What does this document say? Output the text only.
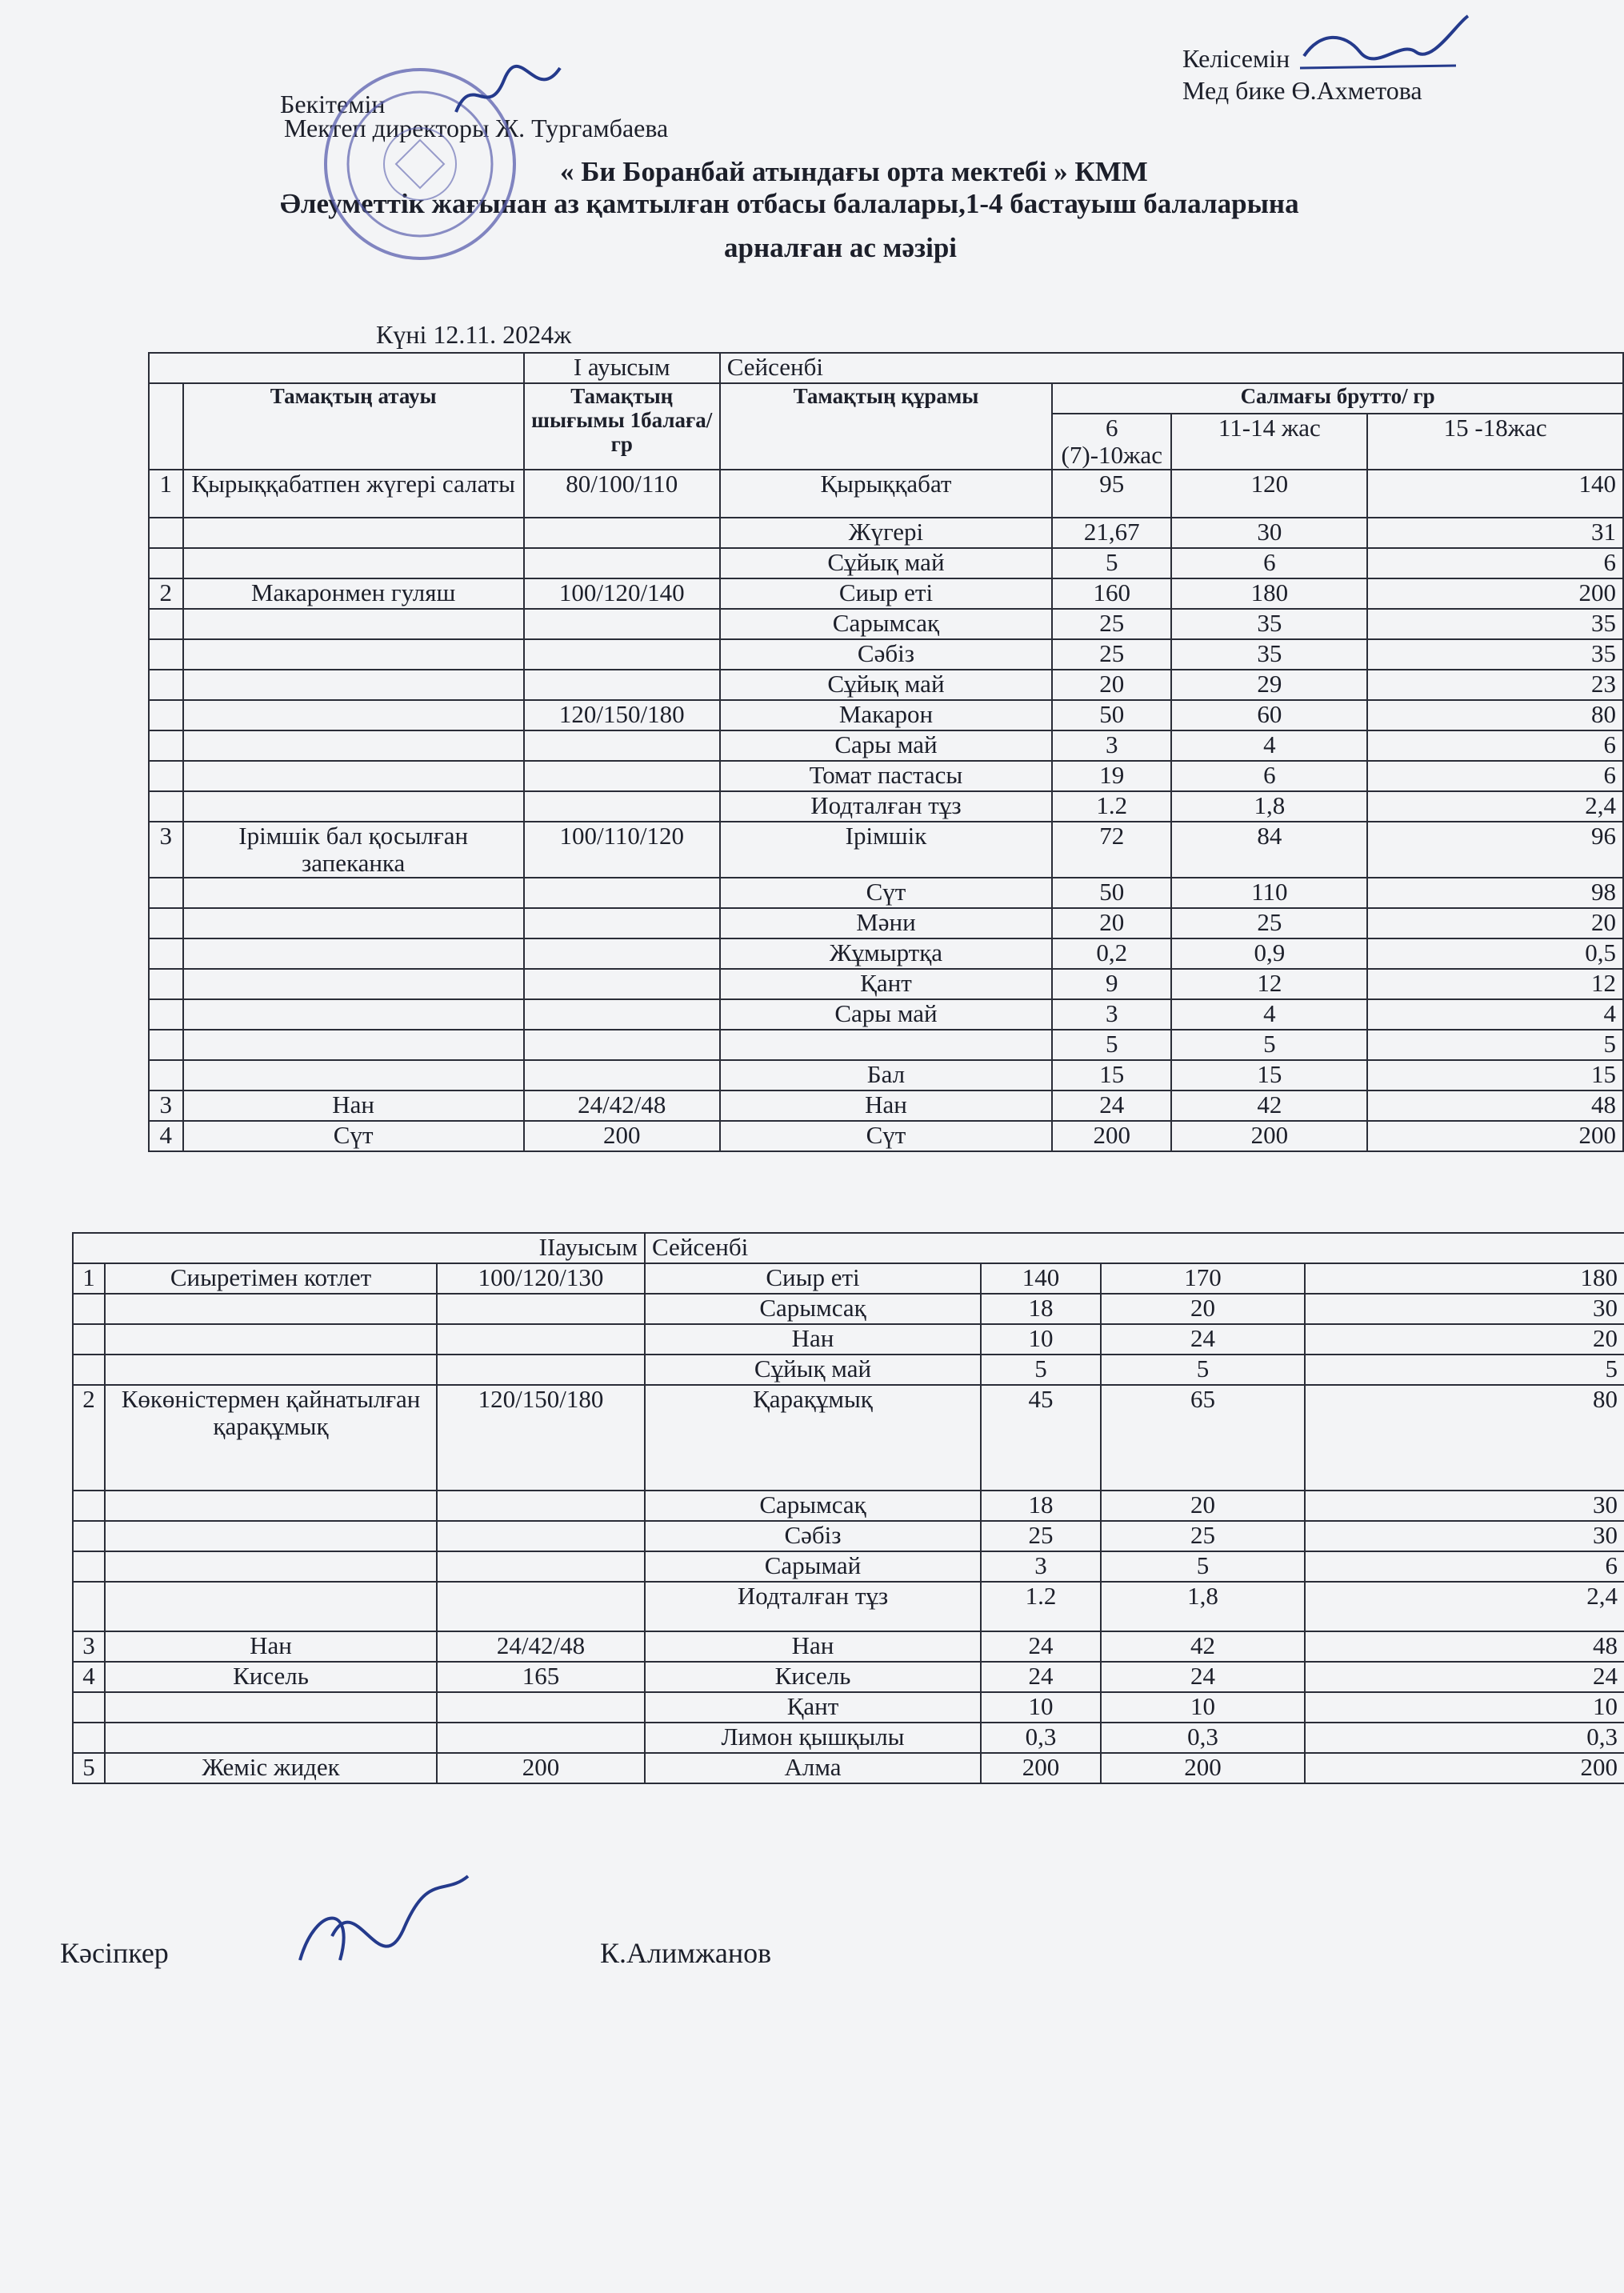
Бекітемін
Мектеп директоры Ж. Тургамбаева
Келісемін
Мед бике Ө.Ахметова
« Би Боранбай атындағы орта мектебі » КММ
Әлеуметтік жағынан аз қамтылған отбасы балалары,1-4 бастауыш балаларына
арналған ас мәзірі
Күні 12.11. 2024ж
		I ауысым	Сейсенбі			
	Тамақтың атауы	Тамақтың шығымы 1балаға/гр	Тамақтың құрамы	Салмағы брутто/ гр		
				6 (7)-10жас	11-14 жас	15 -18жас
1	Қырыққабатпен жүгері салаты	80/100/110	Қырыққабат	95	120	140
			Жүгері	21,67	30	31
			Сұйық май	5	6	6
2	Макаронмен гуляш	100/120/140	Сиыр еті	160	180	200
			Сарымсақ	25	35	35
			Сәбіз	25	35	35
			Сұйық май	20	29	23
		120/150/180	Макарон	50	60	80
			Сары май	3	4	6
			Томат пастасы	19	6	6
			Иодталған тұз	1.2	1,8	2,4
3	Ірімшік бал қосылған запеканка	100/110/120	Ірімшік	72	84	96
			Сүт	50	110	98
			Мәни	20	25	20
			Жұмыртқа	0,2	0,9	0,5
			Қант	9	12	12
			Сары май	3	4	4
				5	5	5
			Бал	15	15	15
3	Нан	24/42/48	Нан	24	42	48
4	Сүт	200	Сүт	200	200	200
IIауысым			Сейсенбі			
1	Сиыретімен котлет	100/120/130	Сиыр еті	140	170	180
			Сарымсақ	18	20	30
			Нан	10	24	20
			Сұйық май	5	5	5
2	Көкөністермен қайнатылған қарақұмық	120/150/180	Қарақұмық	45	65	80
			Сарымсақ	18	20	30
			Сәбіз	25	25	30
			Сарымай	3	5	6
			Иодталған тұз	1.2	1,8	2,4
3	Нан	24/42/48	Нан	24	42	48
4	Кисель	165	Кисель	24	24	24
			Қант	10	10	10
			Лимон қышқылы	0,3	0,3	0,3
5	Жеміс жидек	200	Алма	200	200	200
Кәсіпкер	К.Алимжанов
